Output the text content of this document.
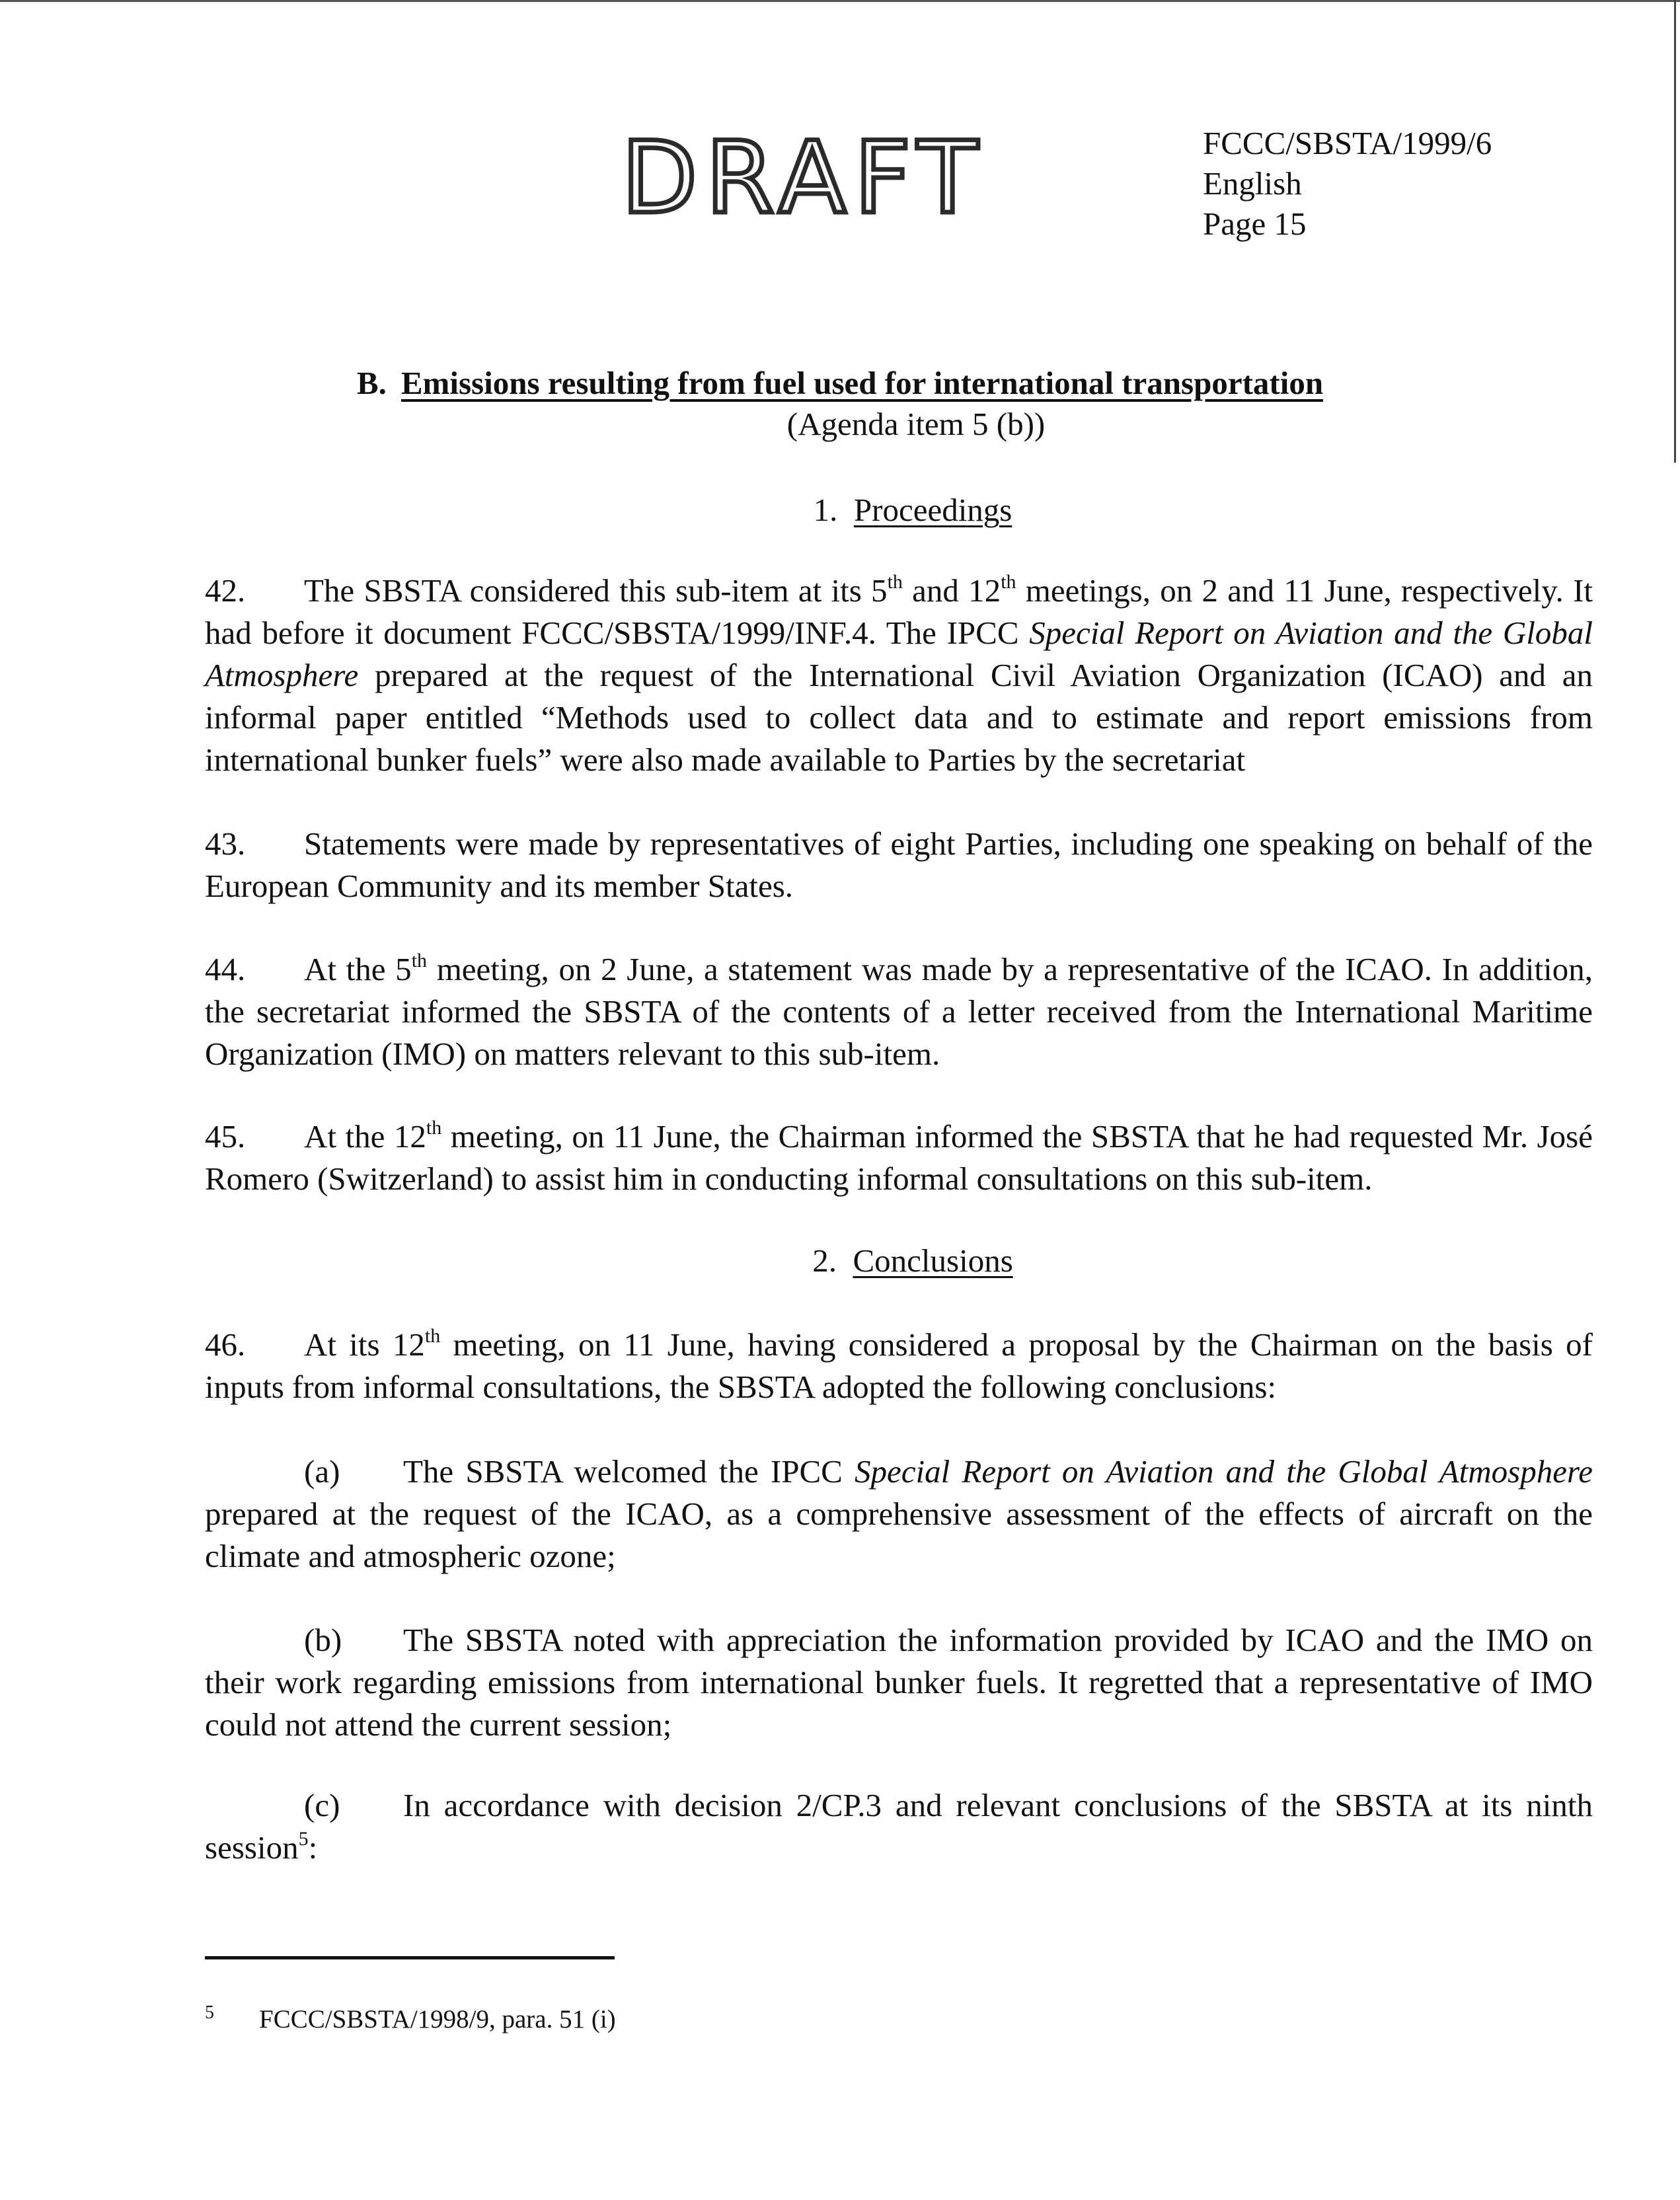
DRAFT	FCCC/SBSTA/1999/6
English
Page 15
B. Emissions resulting from fuel used for international transportation
(Agenda item 5 (b))
1. Proceedings
42. The SBSTA considered this sub-item at its 5th and 12th meetings, on 2 and 11 June, respectively. It had before it document FCCC/SBSTA/1999/INF.4. The IPCC Special Report on Aviation and the Global Atmosphere prepared at the request of the International Civil Aviation Organization (ICAO) and an informal paper entitled “Methods used to collect data and to estimate and report emissions from international bunker fuels” were also made available to Parties by the secretariat
43. Statements were made by representatives of eight Parties, including one speaking on behalf of the European Community and its member States.
44. At the 5th meeting, on 2 June, a statement was made by a representative of the ICAO. In addition, the secretariat informed the SBSTA of the contents of a letter received from the International Maritime Organization (IMO) on matters relevant to this sub-item.
45. At the 12th meeting, on 11 June, the Chairman informed the SBSTA that he had requested Mr. José Romero (Switzerland) to assist him in conducting informal consultations on this sub-item.
2. Conclusions
46. At its 12th meeting, on 11 June, having considered a proposal by the Chairman on the basis of inputs from informal consultations, the SBSTA adopted the following conclusions:
(a) The SBSTA welcomed the IPCC Special Report on Aviation and the Global Atmosphere prepared at the request of the ICAO, as a comprehensive assessment of the effects of aircraft on the climate and atmospheric ozone;
(b) The SBSTA noted with appreciation the information provided by ICAO and the IMO on their work regarding emissions from international bunker fuels. It regretted that a representative of IMO could not attend the current session;
(c) In accordance with decision 2/CP.3 and relevant conclusions of the SBSTA at its ninth session$^5$:
5 FCCC/SBSTA/1998/9, para. 51 (i)
